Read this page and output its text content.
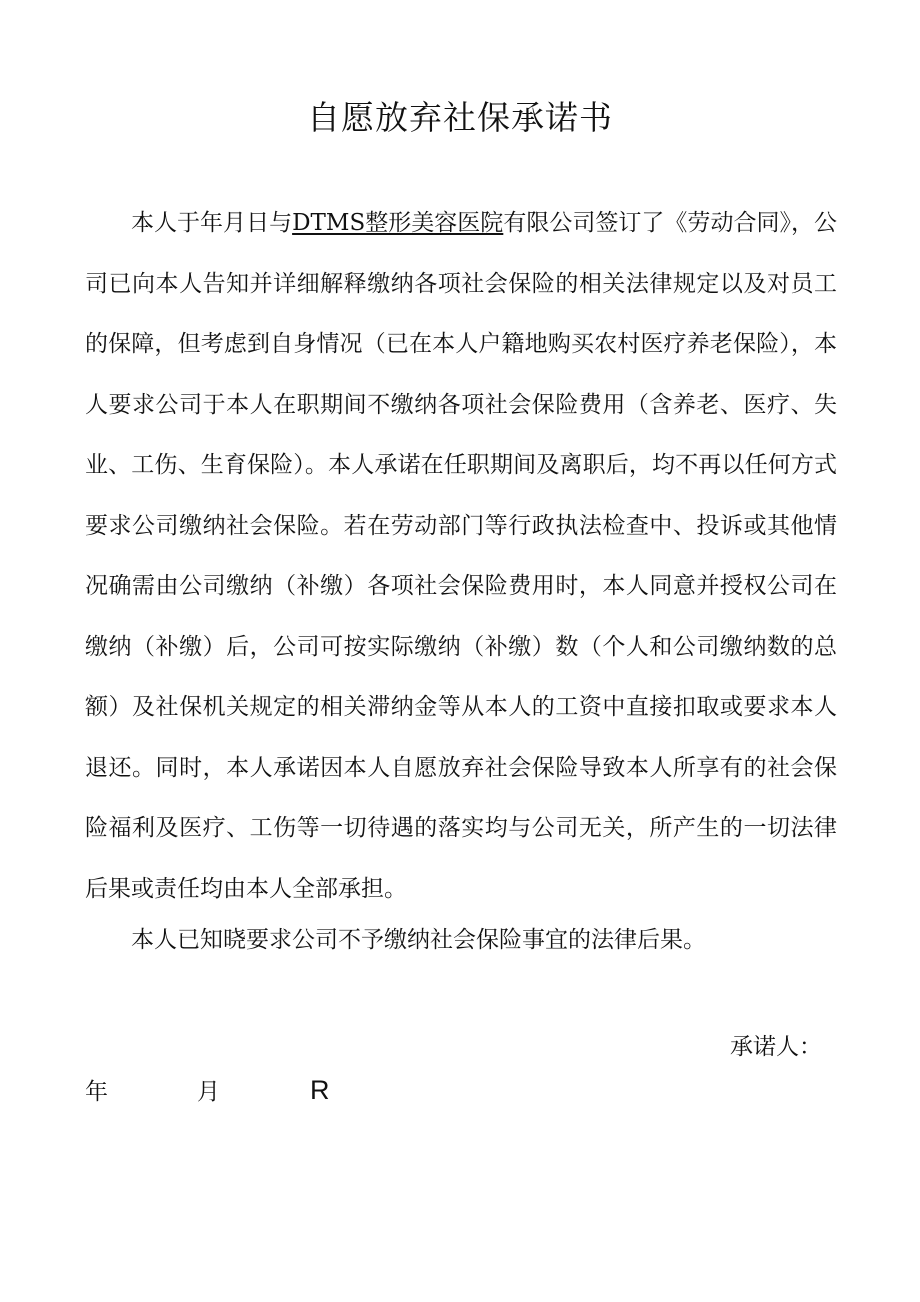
自愿放弃社保承诺书

本人于年月日与DTMS整形美容医院有限公司签订了《劳动合同》，公司已向本人告知并详细解释缴纳各项社会保险的相关法律规定以及对员工的保障，但考虑到自身情况（已在本人户籍地购买农村医疗养老保险），本人要求公司于本人在职期间不缴纳各项社会保险费用（含养老、医疗、失业、工伤、生育保险）。本人承诺在任职期间及离职后，均不再以任何方式要求公司缴纳社会保险。若在劳动部门等行政执法检查中、投诉或其他情况确需由公司缴纳（补缴）各项社会保险费用时，本人同意并授权公司在缴纳（补缴）后，公司可按实际缴纳（补缴）数（个人和公司缴纳数的总额）及社保机关规定的相关滞纳金等从本人的工资中直接扣取或要求本人退还。同时，本人承诺因本人自愿放弃社会保险导致本人所享有的社会保险福利及医疗、工伤等一切待遇的落实均与公司无关，所产生的一切法律后果或责任均由本人全部承担。

本人已知晓要求公司不予缴纳社会保险事宜的法律后果。

承诺人：
年	月	R
